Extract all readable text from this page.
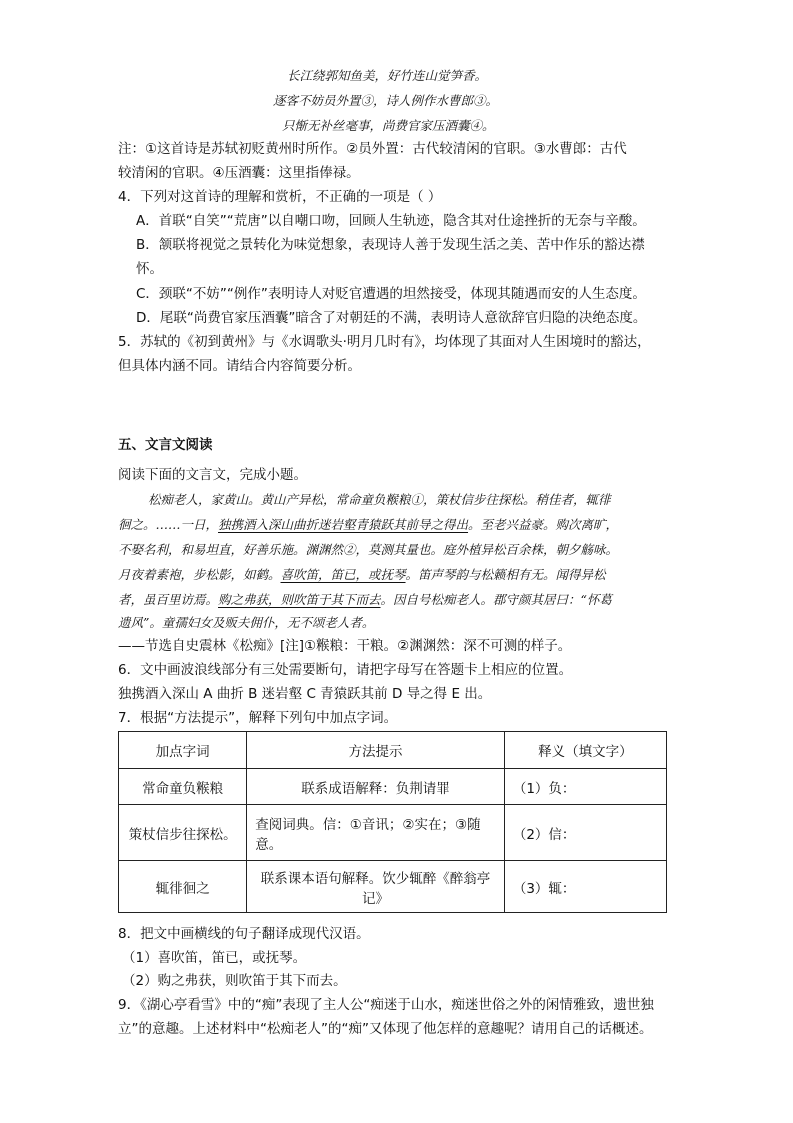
长江绕郭知鱼美，好竹连山觉笋香。
逐客不妨员外置③，诗人例作水曹郎③。
只惭无补丝毫事，尚费官家压酒囊④。
注：①这首诗是苏轼初贬黄州时所作。②员外置：古代较清闲的官职。③水曹郎：古代
较清闲的官职。④压酒囊：这里指俸禄。
4．下列对这首诗的理解和赏析，不正确的一项是（ ）
A．首联“自笑”“荒唐”以自嘲口吻，回顾人生轨迹，隐含其对仕途挫折的无奈与辛酸。
B．颔联将视觉之景转化为味觉想象，表现诗人善于发现生活之美、苦中作乐的豁达襟
怀。
C．颈联“不妨”“例作”表明诗人对贬官遭遇的坦然接受，体现其随遇而安的人生态度。
D．尾联“尚费官家压酒囊”暗含了对朝廷的不满，表明诗人意欲辞官归隐的决绝态度。
5．苏轼的《初到黄州》与《水调歌头·明月几时有》，均体现了其面对人生困境时的豁达，
但具体内涵不同。请结合内容简要分析。
五、文言文阅读
阅读下面的文言文，完成小题。
松痴老人，家黄山。黄山产异松，常命童负糇粮①，策杖信步往探松。稍佳者，辄徘
徊之。……一日，独携酒入深山曲折迷岩壑青猿跃其前导之得出。至老兴益豪。购次离旷，
不娶名利，和易坦直，好善乐施。渊渊然②，莫测其量也。庭外植异松百余株，朝夕觞咏。
月夜着素袍，步松影，如鹤。喜吹笛，笛已，或抚琴。笛声琴韵与松籁相有无。闻得异松
者，虽百里访焉。购之弗获，则吹笛于其下而去。因自号松痴老人。郡守颜其居曰：“怀葛
遗风”。童孺妇女及贩夫佣仆，无不颂老人者。
——节选自史震林《松痴》[注]①糇粮：干粮。②渊渊然：深不可测的样子。
6．文中画波浪线部分有三处需要断句，请把字母写在答题卡上相应的位置。
独携酒入深山 A 曲折 B 迷岩壑 C 青猿跃其前 D 导之得 E 出。
7．根据“方法提示”，解释下列句中加点字词。
加点字词	方法提示	释义（填文字）
常命童负糇粮	联系成语解释：负荆请罪	（1）负：
策杖信步往探松。	查阅词典。信：①音讯；②实在；③随意。	（2）信：
辄徘徊之	联系课本语句解释。饮少辄醉《醉翁亭记》	（3）辄：
8．把文中画横线的句子翻译成现代汉语。
（1）喜吹笛，笛已，或抚琴。
（2）购之弗获，则吹笛于其下而去。
9．《湖心亭看雪》中的“痴”表现了主人公“痴迷于山水，痴迷世俗之外的闲情雅致，遗世独
立”的意趣。上述材料中“松痴老人”的“痴”又体现了他怎样的意趣呢？请用自己的话概述。
